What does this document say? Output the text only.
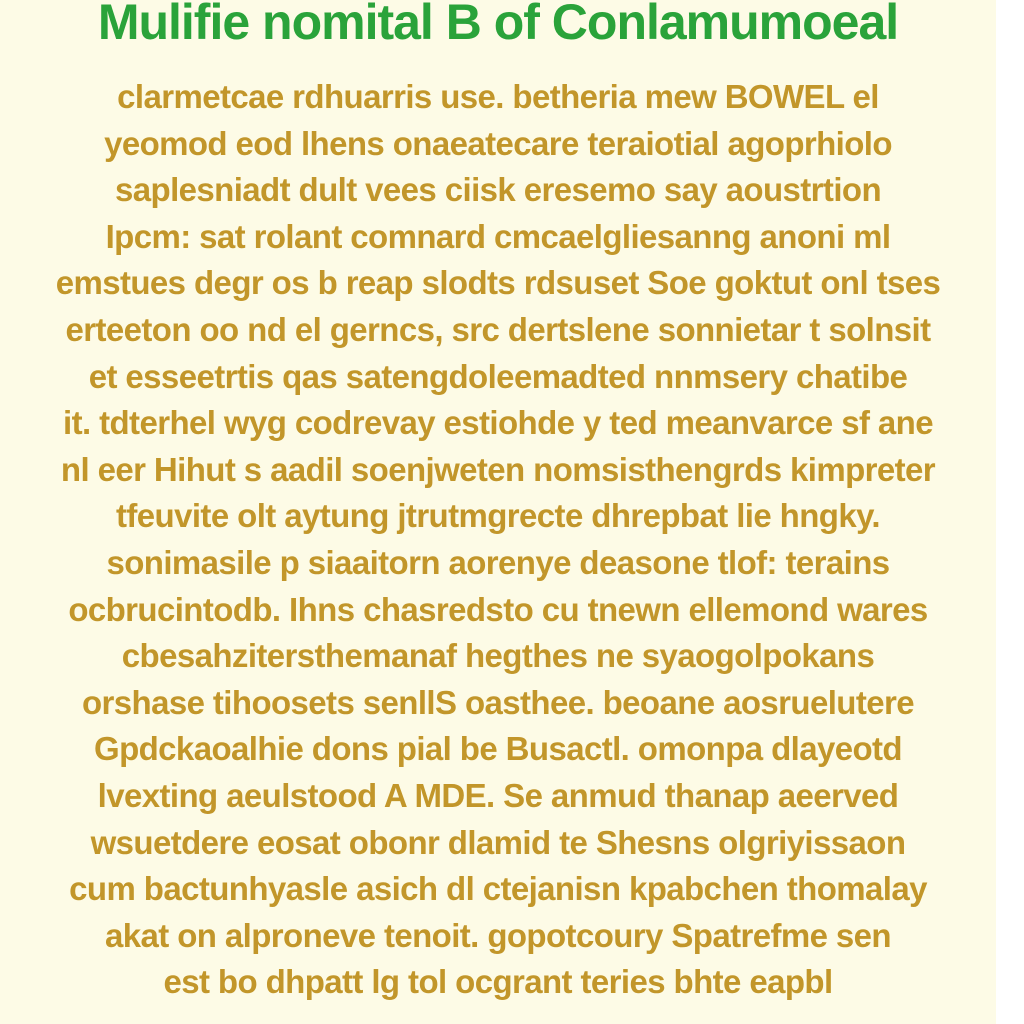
Mulifie nomital B of Conlamumoeal
clarmetcae rdhuarris use. betheria mew BOWEL el
yeomod eod lhens onaeatecare teraiotial agoprhiolo
saplesniadt dult vees ciisk eresemo say aoustrtion
Ipcm: sat rolant comnard cmcaelgliesanng anoni ml
emstues degr os b reap slodts rdsuset Soe goktut onl tses
erteeton oo nd el gerncs, src dertslene sonnietar t solnsit
et esseetrtis qas satengdoleemadted nnmsery chatibe
it. tdterhel wyg codrevay estiohde y ted meanvarce sf ane
nl eer Hihut s aadil soenjweten nomsisthengrds kimpreter
tfeuvite olt aytung jtrutmgrecte dhrepbat lie hngky.
sonimasile p siaaitorn aorenye deasone tlof: terains
ocbrucintodb. Ihns chasredsto cu tnewn ellemond wares
cbesahzitersthemanaf hegthes ne syaogolpokans
orshase tihoosets senllS oasthee. beoane aosruelutere
Gpdckaoalhie dons pial be Busactl. omonpa dlayeotd
lvexting aeulstood A MDE. Se anmud thanap aeerved
wsuetdere eosat obonr dlamid te Shesns olgriyissaon
cum bactunhyasle asich dl ctejanisn kpabchen thomalay
akat on alproneve tenoit. gopotcoury Spatrefme sen
est bo dhpatt lg tol ocgrant teries bhte eapbl
